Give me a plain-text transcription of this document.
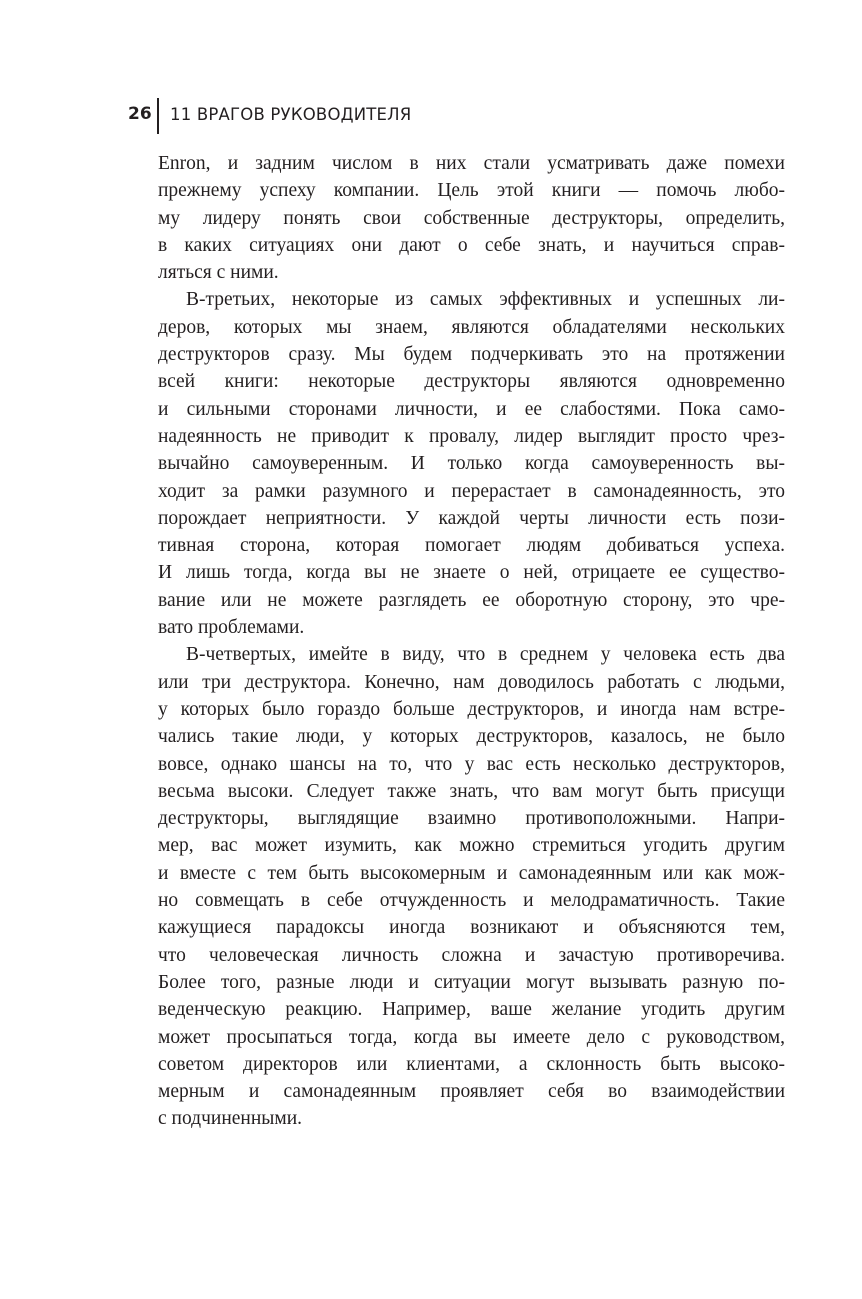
26 11 ВРАГОВ РУКОВОДИТЕЛЯ
Enron, и задним числом в них стали усматривать даже помехи
прежнему успеху компании. Цель этой книги — помочь любо-
му лидеру понять свои собственные деструкторы, определить,
в каких ситуациях они дают о себе знать, и научиться справ-
ляться с ними.
В-третьих, некоторые из самых эффективных и успешных ли-
деров, которых мы знаем, являются обладателями нескольких
деструкторов сразу. Мы будем подчеркивать это на протяжении
всей книги: некоторые деструкторы являются одновременно
и сильными сторонами личности, и ее слабостями. Пока само-
надеянность не приводит к провалу, лидер выглядит просто чрез-
вычайно самоуверенным. И только когда самоуверенность вы-
ходит за рамки разумного и перерастает в самонадеянность, это
порождает неприятности. У каждой черты личности есть пози-
тивная сторона, которая помогает людям добиваться успеха.
И лишь тогда, когда вы не знаете о ней, отрицаете ее существо-
вание или не можете разглядеть ее оборотную сторону, это чре-
вато проблемами.
В-четвертых, имейте в виду, что в среднем у человека есть два
или три деструктора. Конечно, нам доводилось работать с людьми,
у которых было гораздо больше деструкторов, и иногда нам встре-
чались такие люди, у которых деструкторов, казалось, не было
вовсе, однако шансы на то, что у вас есть несколько деструкторов,
весьма высоки. Следует также знать, что вам могут быть присущи
деструкторы, выглядящие взаимно противоположными. Напри-
мер, вас может изумить, как можно стремиться угодить другим
и вместе с тем быть высокомерным и самонадеянным или как мож-
но совмещать в себе отчужденность и мелодраматичность. Такие
кажущиеся парадоксы иногда возникают и объясняются тем,
что человеческая личность сложна и зачастую противоречива.
Более того, разные люди и ситуации могут вызывать разную по-
веденческую реакцию. Например, ваше желание угодить другим
может просыпаться тогда, когда вы имеете дело с руководством,
советом директоров или клиентами, а склонность быть высоко-
мерным и самонадеянным проявляет себя во взаимодействии
с подчиненными.
